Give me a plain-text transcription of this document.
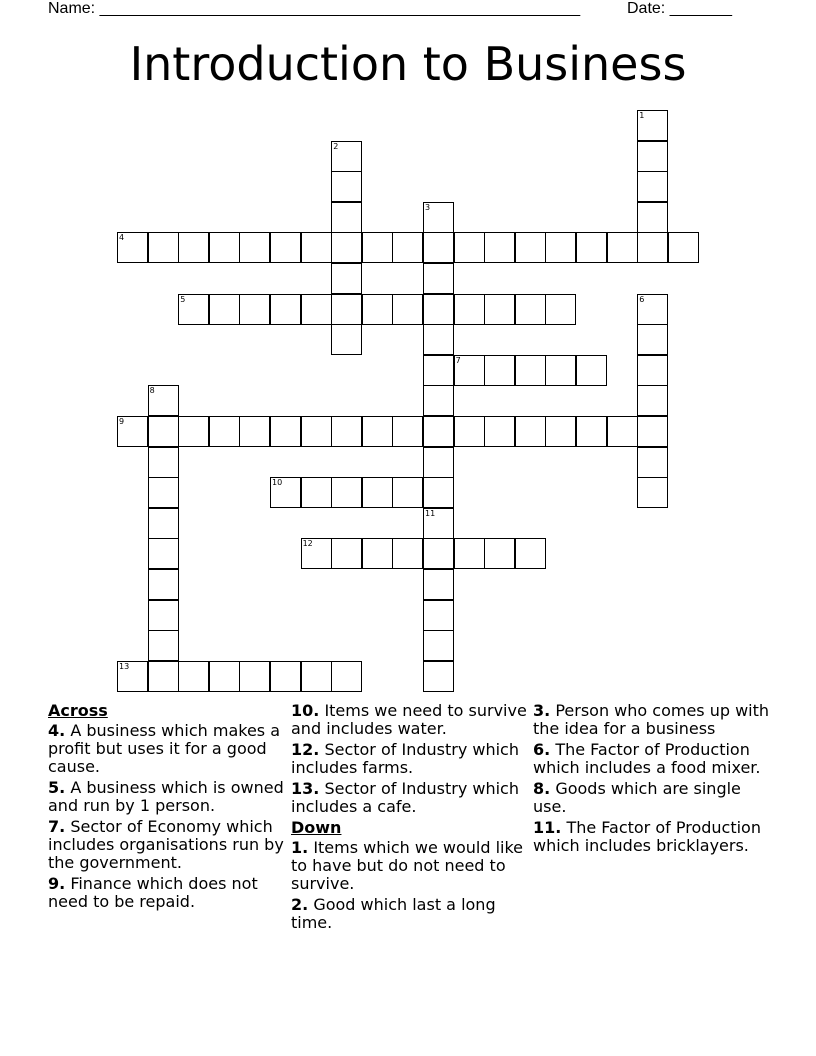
Name: ______________________________________________________	Date: _______
Introduction to Business
1
2
3
4
5	6
7
8
9
10
11
12
13
Across
4. A business which makes a profit but uses it for a good cause.
5. A business which is owned and run by 1 person.
7. Sector of Economy which includes organisations run by the government.
9. Finance which does not need to be repaid.
10. Items we need to survive and includes water.
12. Sector of Industry which includes farms.
13. Sector of Industry which includes a cafe.
Down
1. Items which we would like to have but do not need to survive.
2. Good which last a long time.
3. Person who comes up with the idea for a business
6. The Factor of Production which includes a food mixer.
8. Goods which are single use.
11. The Factor of Production which includes bricklayers.
